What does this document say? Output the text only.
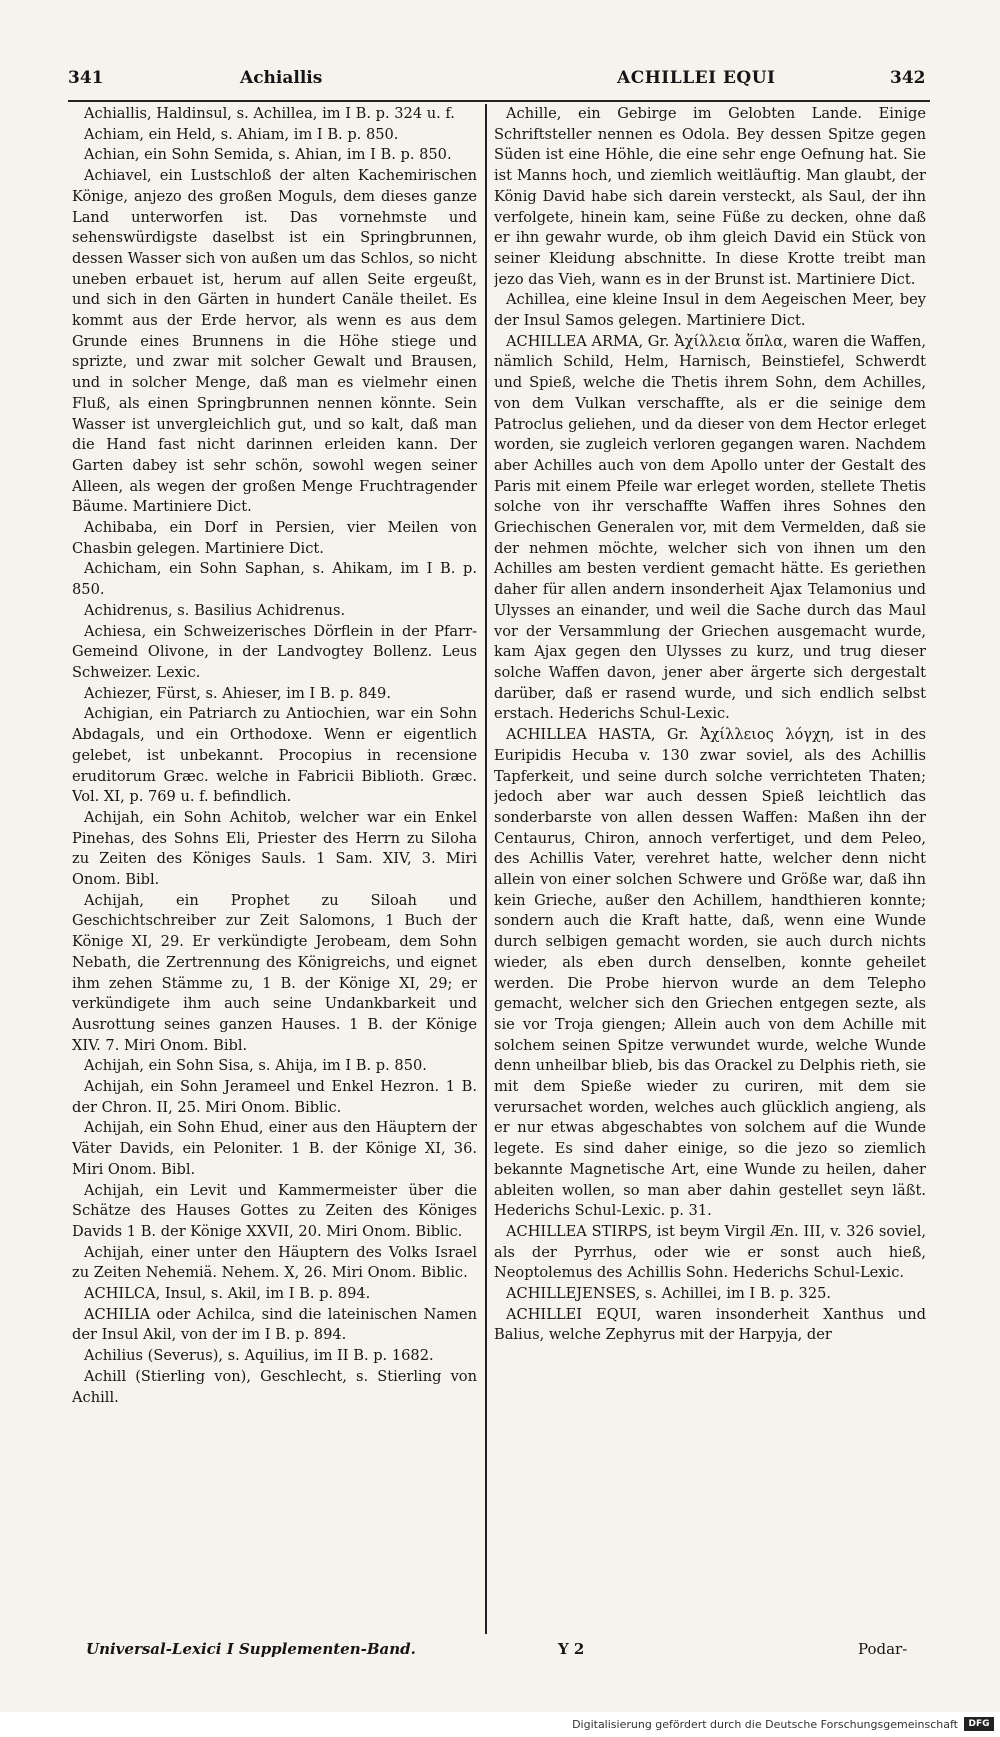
341	Achiallis	ACHILLEI EQUI	342

Achiallis, Haldinsul, s. Achillea, im I B. p. 324 u. f.

Achiam, ein Held, s. Ahiam, im I B. p. 850.

Achian, ein Sohn Semida, s. Ahian, im I B. p. 850.

Achiavel, ein Lustschloß der alten Kachemirischen Könige, anjezo des großen Moguls, dem dieses ganze Land unterworfen ist. Das vornehmste und sehenswürdigste daselbst ist ein Springbrunnen, dessen Wasser sich von außen um das Schlos, so nicht uneben erbauet ist, herum auf allen Seite ergeußt, und sich in den Gärten in hundert Canäle theilet. Es kommt aus der Erde hervor, als wenn es aus dem Grunde eines Brunnens in die Höhe stiege und sprizte, und zwar mit solcher Gewalt und Brausen, und in solcher Menge, daß man es vielmehr einen Fluß, als einen Springbrunnen nennen könnte. Sein Wasser ist unvergleichlich gut, und so kalt, daß man die Hand fast nicht darinnen erleiden kann. Der Garten dabey ist sehr schön, sowohl wegen seiner Alleen, als wegen der großen Menge Fruchtragender Bäume. Martiniere Dict.

Achibaba, ein Dorf in Persien, vier Meilen von Chasbin gelegen. Martiniere Dict.

Achicham, ein Sohn Saphan, s. Ahikam, im I B. p. 850.

Achidrenus, s. Basilius Achidrenus.

Achiesa, ein Schweizerisches Dörflein in der Pfarr-Gemeind Olivone, in der Landvogtey Bollenz. Leus Schweizer. Lexic.

Achiezer, Fürst, s. Ahieser, im I B. p. 849.

Achigian, ein Patriarch zu Antiochien, war ein Sohn Abdagals, und ein Orthodoxe. Wenn er eigentlich gelebet, ist unbekannt. Procopius in recensione eruditorum Græc. welche in Fabricii Biblioth. Græc. Vol. XI, p. 769 u. f. befindlich.

Achijah, ein Sohn Achitob, welcher war ein Enkel Pinehas, des Sohns Eli, Priester des Herrn zu Siloha zu Zeiten des Königes Sauls. 1 Sam. XIV, 3. Miri Onom. Bibl.

Achijah, ein Prophet zu Siloah und Geschichtschreiber zur Zeit Salomons, 1 Buch der Könige XI, 29. Er verkündigte Jerobeam, dem Sohn Nebath, die Zertrennung des Königreichs, und eignet ihm zehen Stämme zu, 1 B. der Könige XI, 29; er verkündigete ihm auch seine Undankbarkeit und Ausrottung seines ganzen Hauses. 1 B. der Könige XIV. 7. Miri Onom. Bibl.

Achijah, ein Sohn Sisa, s. Ahija, im I B. p. 850.

Achijah, ein Sohn Jerameel und Enkel Hezron. 1 B. der Chron. II, 25. Miri Onom. Biblic.

Achijah, ein Sohn Ehud, einer aus den Häuptern der Väter Davids, ein Peloniter. 1 B. der Könige XI, 36. Miri Onom. Bibl.

Achijah, ein Levit und Kammermeister über die Schätze des Hauses Gottes zu Zeiten des Königes Davids 1 B. der Könige XXVII, 20. Miri Onom. Biblic.

Achijah, einer unter den Häuptern des Volks Israel zu Zeiten Nehemiä. Nehem. X, 26. Miri Onom. Biblic.

ACHILCA, Insul, s. Akil, im I B. p. 894.

ACHILIA oder Achilca, sind die lateinischen Namen der Insul Akil, von der im I B. p. 894.

Achilius (Severus), s. Aquilius, im II B. p. 1682.

Achill (Stierling von), Geschlecht, s. Stierling von Achill.

Achille, ein Gebirge im Gelobten Lande. Einige Schriftsteller nennen es Odola. Bey dessen Spitze gegen Süden ist eine Höhle, die eine sehr enge Oefnung hat. Sie ist Manns hoch, und ziemlich weitläuftig. Man glaubt, der König David habe sich darein versteckt, als Saul, der ihn verfolgete, hinein kam, seine Füße zu decken, ohne daß er ihn gewahr wurde, ob ihm gleich David ein Stück von seiner Kleidung abschnitte. In diese Krotte treibt man jezo das Vieh, wann es in der Brunst ist. Martiniere Dict.

Achillea, eine kleine Insul in dem Aegeischen Meer, bey der Insul Samos gelegen. Martiniere Dict.

ACHILLEA ARMA, Gr. Ἀχίλλεια ὅπλα, waren die Waffen, nämlich Schild, Helm, Harnisch, Beinstiefel, Schwerdt und Spieß, welche die Thetis ihrem Sohn, dem Achilles, von dem Vulkan verschaffte, als er die seinige dem Patroclus geliehen, und da dieser von dem Hector erleget worden, sie zugleich verloren gegangen waren. Nachdem aber Achilles auch von dem Apollo unter der Gestalt des Paris mit einem Pfeile war erleget worden, stellete Thetis solche von ihr verschaffte Waffen ihres Sohnes den Griechischen Generalen vor, mit dem Vermelden, daß sie der nehmen möchte, welcher sich von ihnen um den Achilles am besten verdient gemacht hätte. Es geriethen daher für allen andern insonderheit Ajax Telamonius und Ulysses an einander, und weil die Sache durch das Maul vor der Versammlung der Griechen ausgemacht wurde, kam Ajax gegen den Ulysses zu kurz, und trug dieser solche Waffen davon, jener aber ärgerte sich dergestalt darüber, daß er rasend wurde, und sich endlich selbst erstach. Hederichs Schul-Lexic.

ACHILLEA HASTA, Gr. Ἀχίλλειος λόγχη, ist in des Euripidis Hecuba v. 130 zwar soviel, als des Achillis Tapferkeit, und seine durch solche verrichteten Thaten; jedoch aber war auch dessen Spieß leichtlich das sonderbarste von allen dessen Waffen: Maßen ihn der Centaurus, Chiron, annoch verfertiget, und dem Peleo, des Achillis Vater, verehret hatte, welcher denn nicht allein von einer solchen Schwere und Größe war, daß ihn kein Grieche, außer den Achillem, handthieren konnte; sondern auch die Kraft hatte, daß, wenn eine Wunde durch selbigen gemacht worden, sie auch durch nichts wieder, als eben durch denselben, konnte geheilet werden. Die Probe hiervon wurde an dem Telepho gemacht, welcher sich den Griechen entgegen sezte, als sie vor Troja giengen; Allein auch von dem Achille mit solchem seinen Spitze verwundet wurde, welche Wunde denn unheilbar blieb, bis das Orackel zu Delphis rieth, sie mit dem Spieße wieder zu curiren, mit dem sie verursachet worden, welches auch glücklich angieng, als er nur etwas abgeschabtes von solchem auf die Wunde legete. Es sind daher einige, so die jezo so ziemlich bekannte Magnetische Art, eine Wunde zu heilen, daher ableiten wollen, so man aber dahin gestellet seyn läßt. Hederichs Schul-Lexic. p. 31.

ACHILLEA STIRPS, ist beym Virgil Æn. III, v. 326 soviel, als der Pyrrhus, oder wie er sonst auch hieß, Neoptolemus des Achillis Sohn. Hederichs Schul-Lexic.

ACHILLEJENSES, s. Achillei, im I B. p. 325.

ACHILLEI EQUI, waren insonderheit Xanthus und Balius, welche Zephyrus mit der Harpyja, der

Universal-Lexici I Supplementen-Band.	Y 2	Podar-
Digitalisierung gefördert durch die Deutsche Forschungsgemeinschaft	DFG
